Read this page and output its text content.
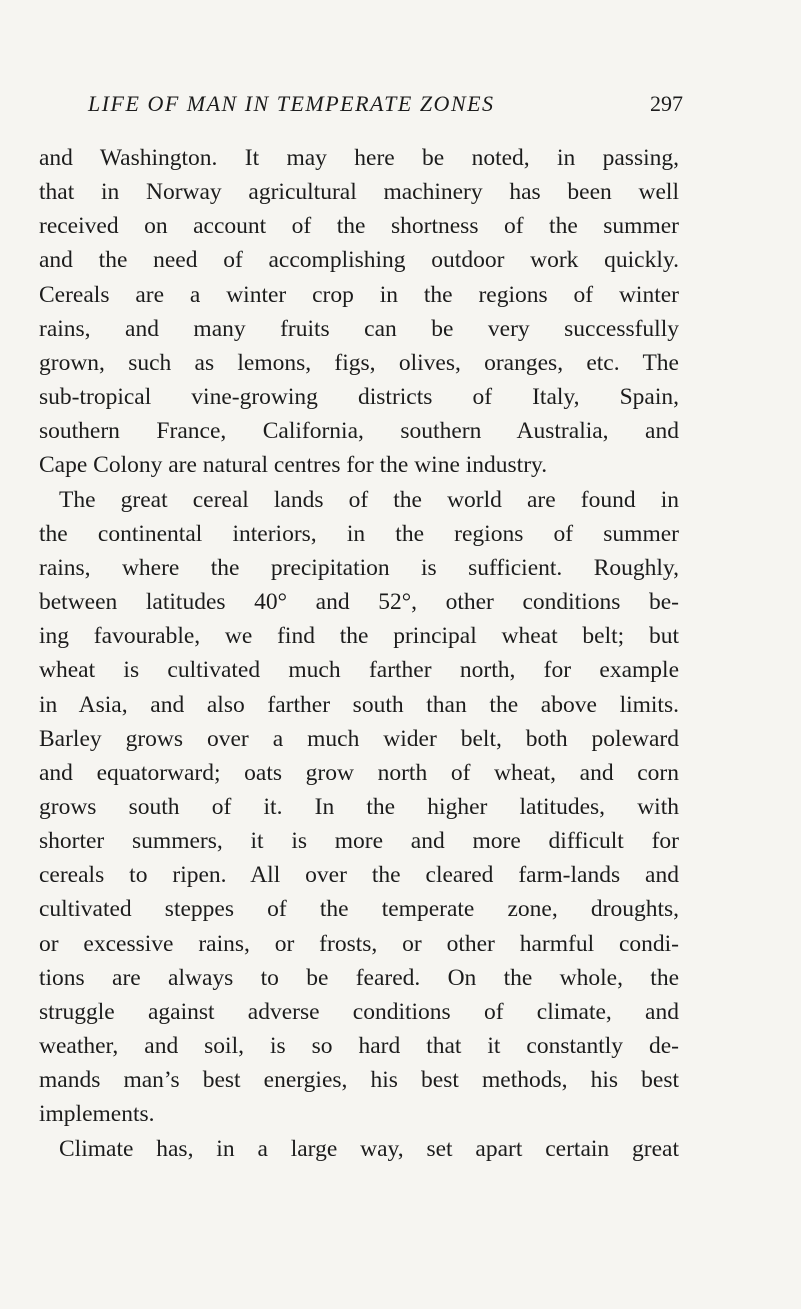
LIFE OF MAN IN TEMPERATE ZONES	297
and Washington. It may here be noted, in passing,
that in Norway agricultural machinery has been well
received on account of the shortness of the summer
and the need of accomplishing outdoor work quickly.
Cereals are a winter crop in the regions of winter
rains, and many fruits can be very successfully
grown, such as lemons, figs, olives, oranges, etc. The
sub-tropical vine-growing districts of Italy, Spain,
southern France, California, southern Australia, and
Cape Colony are natural centres for the wine industry.
The great cereal lands of the world are found in
the continental interiors, in the regions of summer
rains, where the precipitation is sufficient. Roughly,
between latitudes 40° and 52°, other conditions be-
ing favourable, we find the principal wheat belt; but
wheat is cultivated much farther north, for example
in Asia, and also farther south than the above limits.
Barley grows over a much wider belt, both poleward
and equatorward; oats grow north of wheat, and corn
grows south of it. In the higher latitudes, with
shorter summers, it is more and more difficult for
cereals to ripen. All over the cleared farm-lands and
cultivated steppes of the temperate zone, droughts,
or excessive rains, or frosts, or other harmful condi-
tions are always to be feared. On the whole, the
struggle against adverse conditions of climate, and
weather, and soil, is so hard that it constantly de-
mands man’s best energies, his best methods, his best
implements.
Climate has, in a large way, set apart certain great
